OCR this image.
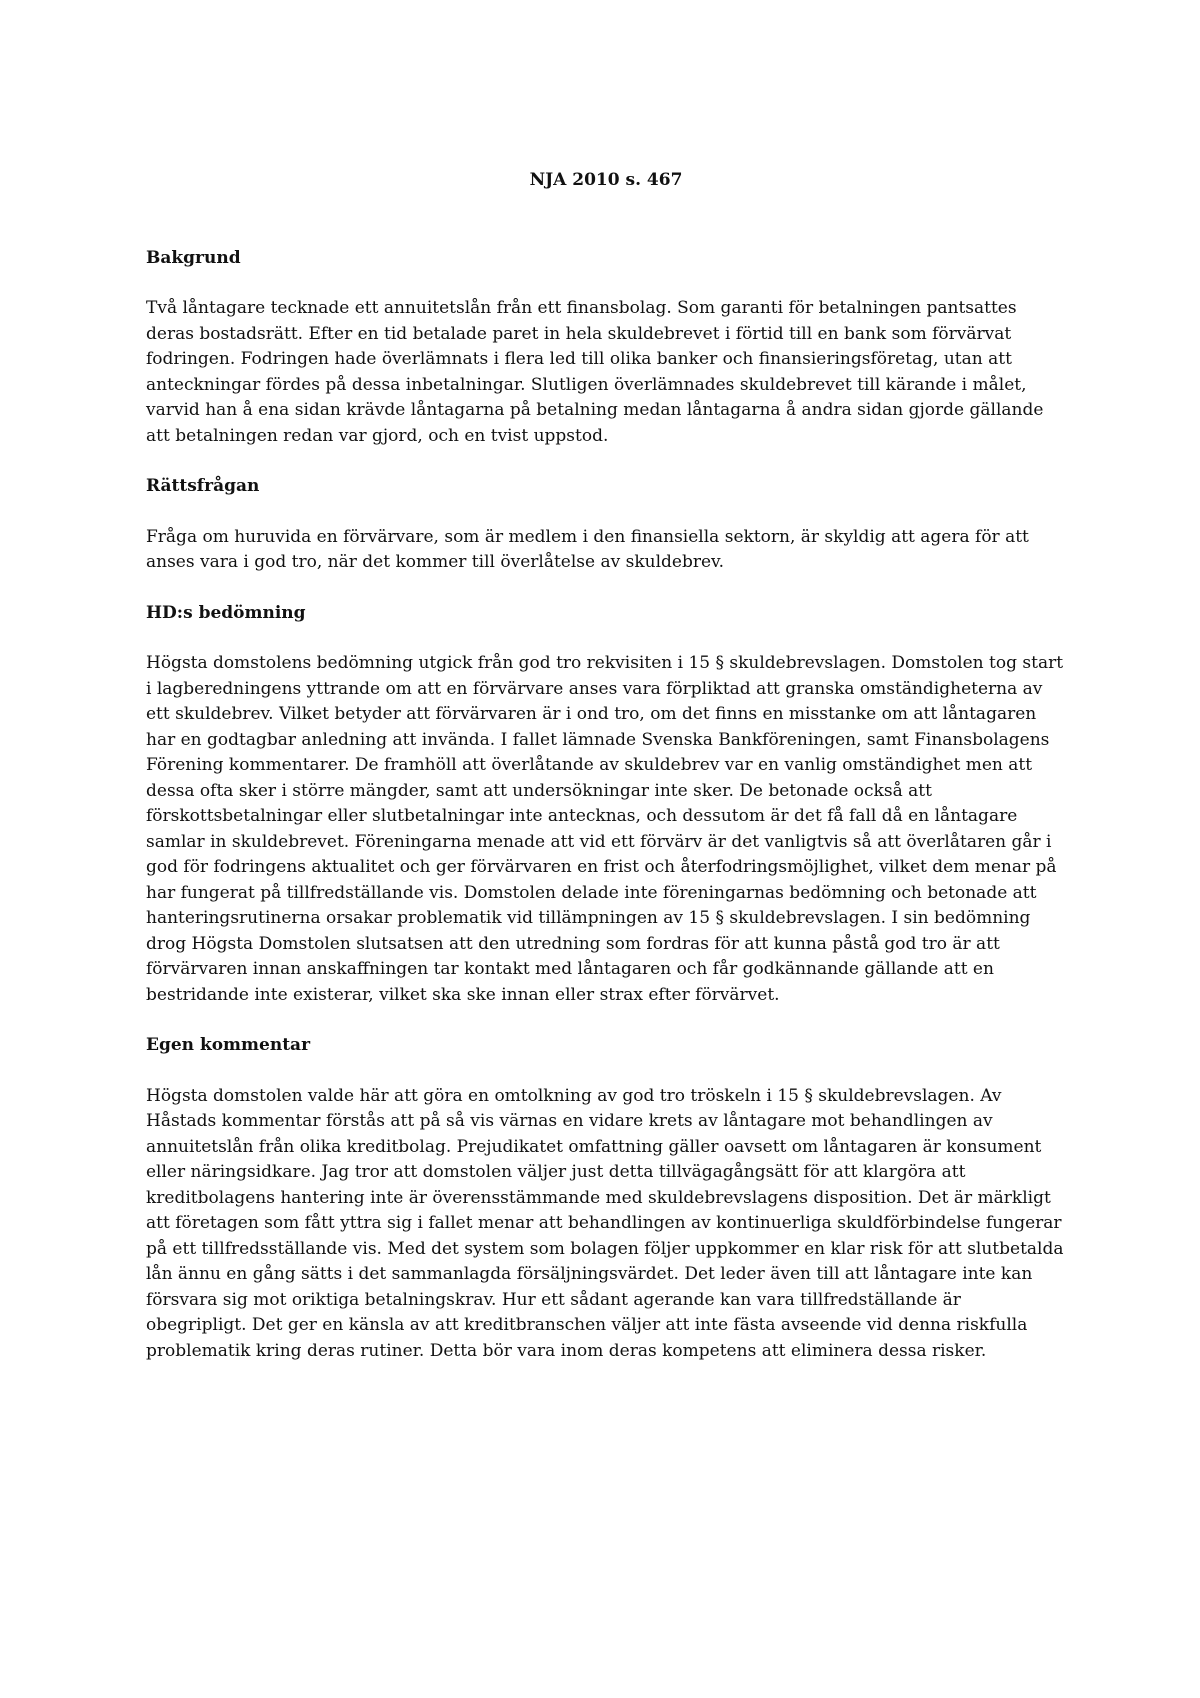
NJA 2010 s. 467
Bakgrund

Två låntagare tecknade ett annuitetslån från ett finansbolag. Som garanti för betalningen pantsattes deras bostadsrätt. Efter en tid betalade paret in hela skuldebrevet i förtid till en bank som förvärvat fodringen. Fodringen hade överlämnats i flera led till olika banker och finansieringsföretag, utan att anteckningar fördes på dessa inbetalningar. Slutligen överlämnades skuldebrevet till kärande i målet, varvid han å ena sidan krävde låntagarna på betalning medan låntagarna å andra sidan gjorde gällande att betalningen redan var gjord, och en tvist uppstod.

Rättsfrågan

Fråga om huruvida en förvärvare, som är medlem i den finansiella sektorn, är skyldig att agera för att anses vara i god tro, när det kommer till överlåtelse av skuldebrev.

HD:s bedömning

Högsta domstolens bedömning utgick från god tro rekvisiten i 15 § skuldebrevslagen. Domstolen tog start i lagberedningens yttrande om att en förvärvare anses vara förpliktad att granska omständigheterna av ett skuldebrev. Vilket betyder att förvärvaren är i ond tro, om det finns en misstanke om att låntagaren har en godtagbar anledning att invända. I fallet lämnade Svenska Bankföreningen, samt Finansbolagens Förening kommentarer. De framhöll att överlåtande av skuldebrev var en vanlig omständighet men att dessa ofta sker i större mängder, samt att undersökningar inte sker. De betonade också att förskottsbetalningar eller slutbetalningar inte antecknas, och dessutom är det få fall då en låntagare samlar in skuldebrevet. Föreningarna menade att vid ett förvärv är det vanligtvis så att överlåtaren går i god för fodringens aktualitet och ger förvärvaren en frist och återfodringsmöjlighet, vilket dem menar på har fungerat på tillfredställande vis. Domstolen delade inte föreningarnas bedömning och betonade att hanteringsrutinerna orsakar problematik vid tillämpningen av 15 § skuldebrevslagen. I sin bedömning drog Högsta Domstolen slutsatsen att den utredning som fordras för att kunna påstå god tro är att förvärvaren innan anskaffningen tar kontakt med låntagaren och får godkännande gällande att en bestridande inte existerar, vilket ska ske innan eller strax efter förvärvet.

Egen kommentar

Högsta domstolen valde här att göra en omtolkning av god tro tröskeln i 15 § skuldebrevslagen. Av Håstads kommentar förstås att på så vis värnas en vidare krets av låntagare mot behandlingen av annuitetslån från olika kreditbolag. Prejudikatet omfattning gäller oavsett om låntagaren är konsument eller näringsidkare. Jag tror att domstolen väljer just detta tillvägagångsätt för att klargöra att kreditbolagens hantering inte är överensstämmande med skuldebrevslagens disposition. Det är märkligt att företagen som fått yttra sig i fallet menar att behandlingen av kontinuerliga skuldförbindelse fungerar på ett tillfredsställande vis. Med det system som bolagen följer uppkommer en klar risk för att slutbetalda lån ännu en gång sätts i det sammanlagda försäljningsvärdet. Det leder även till att låntagare inte kan försvara sig mot oriktiga betalningskrav. Hur ett sådant agerande kan vara tillfredställande är obegripligt. Det ger en känsla av att kreditbranschen väljer att inte fästa avseende vid denna riskfulla problematik kring deras rutiner. Detta bör vara inom deras kompetens att eliminera dessa risker.
